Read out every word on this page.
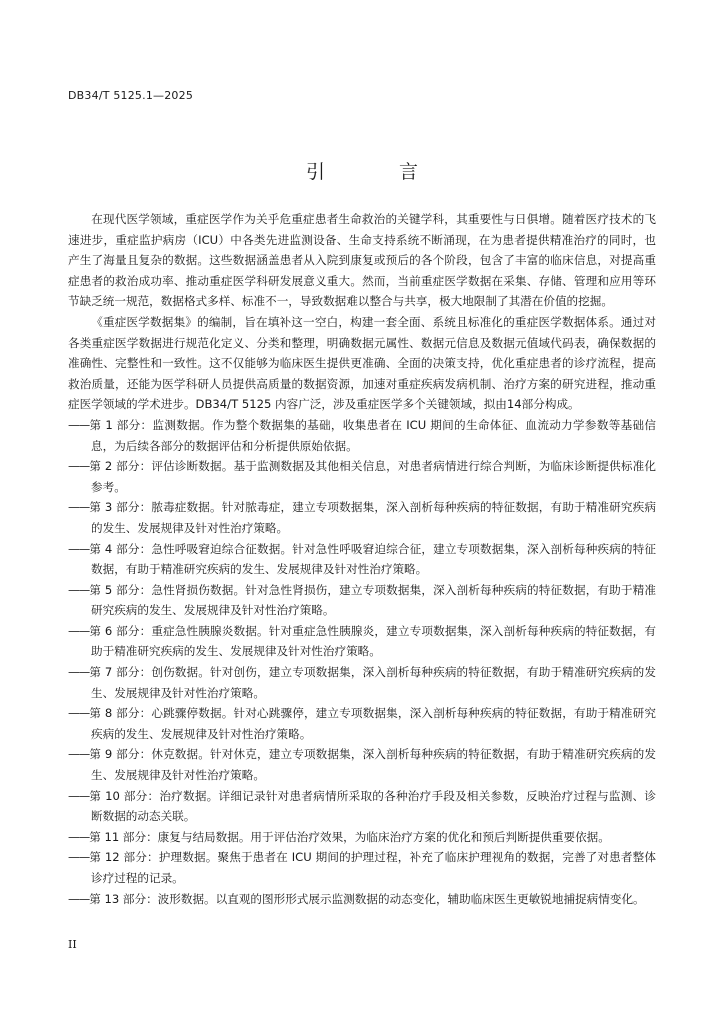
DB34/T 5125.1—2025
引 言

在现代医学领域，重症医学作为关乎危重症患者生命救治的关键学科，其重要性与日俱增。随着医疗技术的飞速进步，重症监护病房（ICU）中各类先进监测设备、生命支持系统不断涌现，在为患者提供精准治疗的同时，也产生了海量且复杂的数据。这些数据涵盖患者从入院到康复或预后的各个阶段，包含了丰富的临床信息，对提高重症患者的救治成功率、推动重症医学科研发展意义重大。然而，当前重症医学数据在采集、存储、管理和应用等环节缺乏统一规范，数据格式多样、标准不一，导致数据难以整合与共享，极大地限制了其潜在价值的挖掘。

《重症医学数据集》的编制，旨在填补这一空白，构建一套全面、系统且标准化的重症医学数据体系。通过对各类重症医学数据进行规范化定义、分类和整理，明确数据元属性、数据元信息及数据元值域代码表，确保数据的准确性、完整性和一致性。这不仅能够为临床医生提供更准确、全面的决策支持，优化重症患者的诊疗流程，提高救治质量，还能为医学科研人员提供高质量的数据资源，加速对重症疾病发病机制、治疗方案的研究进程，推动重症医学领域的学术进步。DB34/T 5125 内容广泛，涉及重症医学多个关键领域，拟由14部分构成。

——第 1 部分：监测数据。作为整个数据集的基础，收集患者在 ICU 期间的生命体征、血流动力学参数等基础信息，为后续各部分的数据评估和分析提供原始依据。
——第 2 部分：评估诊断数据。基于监测数据及其他相关信息，对患者病情进行综合判断，为临床诊断提供标准化参考。
——第 3 部分：脓毒症数据。针对脓毒症，建立专项数据集，深入剖析每种疾病的特征数据，有助于精准研究疾病的发生、发展规律及针对性治疗策略。
——第 4 部分：急性呼吸窘迫综合征数据。针对急性呼吸窘迫综合征，建立专项数据集，深入剖析每种疾病的特征数据，有助于精准研究疾病的发生、发展规律及针对性治疗策略。
——第 5 部分：急性肾损伤数据。针对急性肾损伤，建立专项数据集，深入剖析每种疾病的特征数据，有助于精准研究疾病的发生、发展规律及针对性治疗策略。
——第 6 部分：重症急性胰腺炎数据。针对重症急性胰腺炎，建立专项数据集，深入剖析每种疾病的特征数据，有助于精准研究疾病的发生、发展规律及针对性治疗策略。
——第 7 部分：创伤数据。针对创伤，建立专项数据集，深入剖析每种疾病的特征数据，有助于精准研究疾病的发生、发展规律及针对性治疗策略。
——第 8 部分：心跳骤停数据。针对心跳骤停，建立专项数据集，深入剖析每种疾病的特征数据，有助于精准研究疾病的发生、发展规律及针对性治疗策略。
——第 9 部分：休克数据。针对休克，建立专项数据集，深入剖析每种疾病的特征数据，有助于精准研究疾病的发生、发展规律及针对性治疗策略。
——第 10 部分：治疗数据。详细记录针对患者病情所采取的各种治疗手段及相关参数，反映治疗过程与监测、诊断数据的动态关联。
——第 11 部分：康复与结局数据。用于评估治疗效果，为临床治疗方案的优化和预后判断提供重要依据。
——第 12 部分：护理数据。聚焦于患者在 ICU 期间的护理过程，补充了临床护理视角的数据，完善了对患者整体诊疗过程的记录。
——第 13 部分：波形数据。以直观的图形形式展示监测数据的动态变化，辅助临床医生更敏锐地捕捉病情变化。
II
